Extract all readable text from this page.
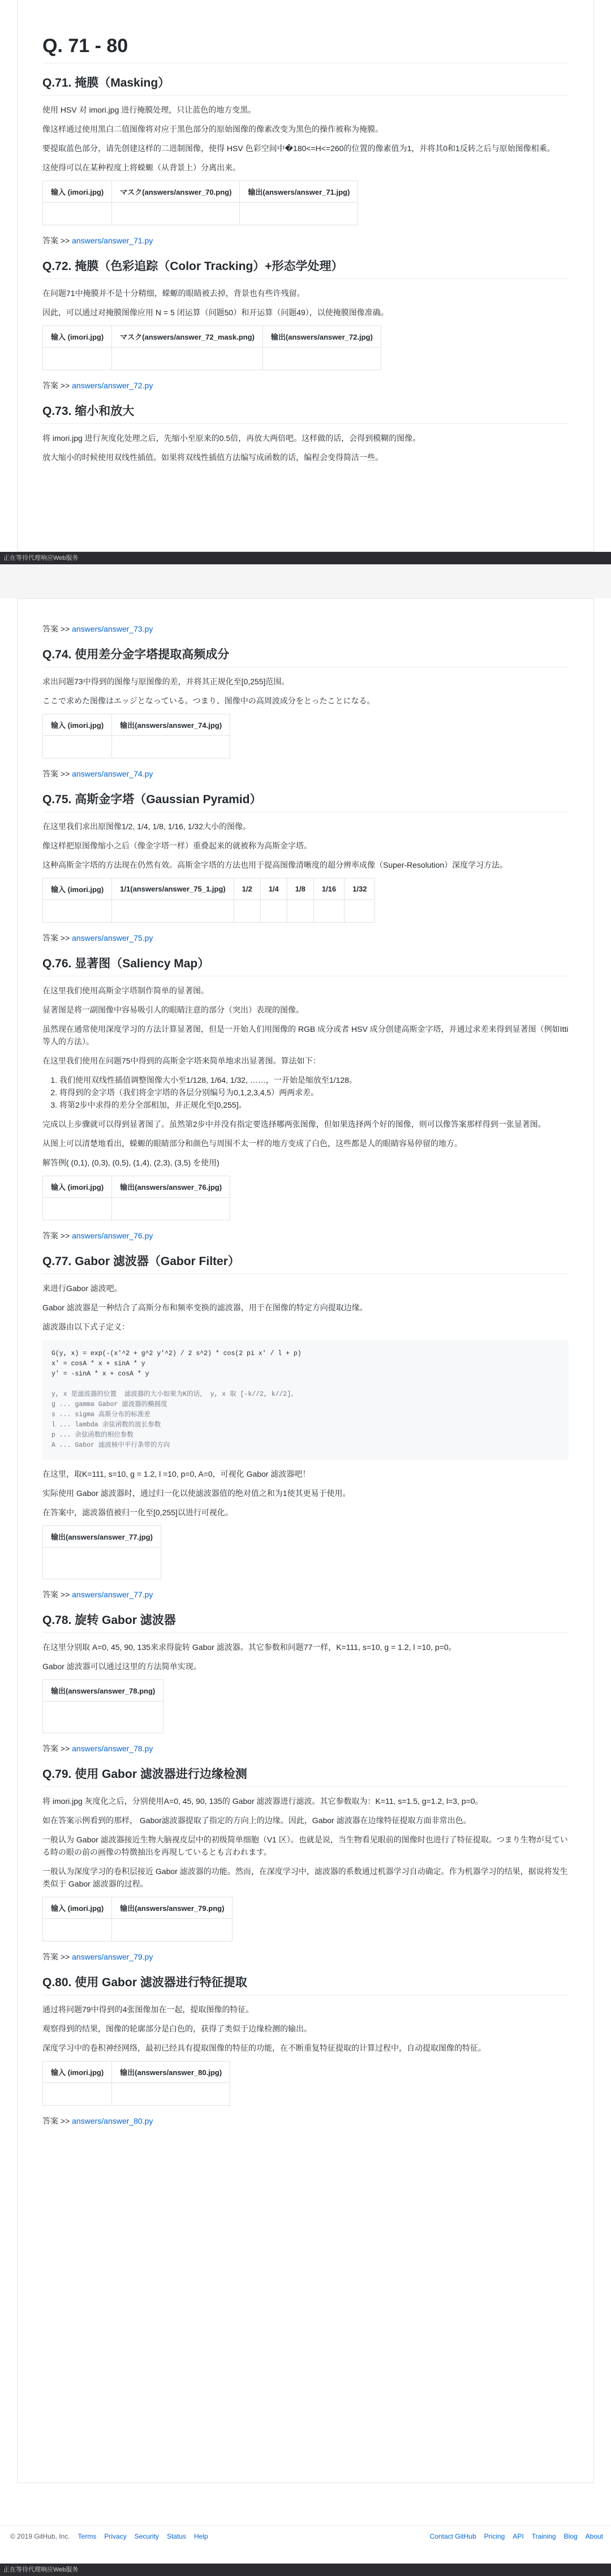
Q. 71 - 80
Q.71. 掩膜（Masking）

使用 HSV 对 imori.jpg 进行掩膜处理，只让蓝色的地方变黑。

像这样通过使用黑白二值图像将对应于黑色部分的原始图像的像素改变为黑色的操作被称为掩膜。

要提取蓝色部分，请先创建这样的二进制图像，使得 HSV 色彩空间中�180<=H<=260的位置的像素值为1，并将其0和1反转之后与原始图像相乘。

这使得可以在某种程度上将蝾螈（从背景上）分离出来。

输入 (imori.jpg)	マスク(answers/answer_70.png)	输出(answers/answer_71.jpg)

答案 >> answers/answer_71.py
Q.72. 掩膜（色彩追踪（Color Tracking）+形态学处理）

在问题71中掩膜并不是十分精细，蝾螈的眼睛被去掉，背景也有些许残留。

因此，可以通过对掩膜图像应用 N = 5 闭运算（问题50）和开运算（问题49），以使掩膜图像准确。

输入 (imori.jpg)	マスク(answers/answer_72_mask.png)	输出(answers/answer_72.jpg)

答案 >> answers/answer_72.py
Q.73. 缩小和放大

将 imori.jpg 进行灰度化处理之后，先缩小至原来的0.5倍，再放大两倍吧。这样做的话，会得到模糊的图像。

放大缩小的时候使用双线性插值。如果将双线性插值方法编写成函数的话，编程会变得简洁一些。

正在等待代理响应Web服务
答案 >> answers/answer_73.py
Q.74. 使用差分金字塔提取高频成分

求出问题73中得到的图像与原图像的差，并将其正规化至[0,255]范围。

ここで求めた图像はエッジとなっている。つまり、图像中の高周波成分をとったことになる。

输入 (imori.jpg)	输出(answers/answer_74.jpg)

答案 >> answers/answer_74.py
Q.75. 高斯金字塔（Gaussian Pyramid）

在这里我们求出原图像1/2, 1/4, 1/8, 1/16, 1/32大小的图像。

像这样把原图像缩小之后（像金字塔一样）重叠起来的就被称为高斯金字塔。

这种高斯金字塔的方法现在仍然有效。高斯金字塔的方法也用于提高图像清晰度的超分辨率成像（Super-Resolution）深度学习方法。

输入 (imori.jpg)	1/1(answers/answer_75_1.jpg)	1/2	1/4	1/8	1/16	1/32

答案 >> answers/answer_75.py
Q.76. 显著图（Saliency Map）

在这里我们使用高斯金字塔制作简单的显著图。

显著图是将一副图像中容易吸引人的眼睛注意的部分（突出）表现的图像。

虽然现在通常使用深度学习的方法计算显著图，但是一开始人们用图像的 RGB 成分或者 HSV 成分创建高斯金字塔，并通过求差来得到显著图（例如Itti等人的方法）。

在这里我们使用在问题75中得到的高斯金字塔来简单地求出显著图。算法如下：

1. 我们使用双线性插值调整图像大小至1/128, 1/64, 1/32, ……，一开始是缩放至1/128。
2. 将得到的金字塔（我们将金字塔的各层分别编号为0,1,2,3,4,5）两两求差。
3. 将第2步中求得的差分全部相加，并正规化至[0,255]。

完成以上步骤就可以得到显著图了。虽然第2步中并没有指定要选择哪两张图像，但如果选择两个好的图像，则可以像答案那样得到一张显著图。

从图上可以清楚地看出，蝾螈的眼睛部分和颜色与周围不太一样的地方变成了白色，这些都是人的眼睛容易停留的地方。

解答例( (0,1), (0,3), (0,5), (1,4), (2,3), (3,5) を使用)

输入 (imori.jpg)	输出(answers/answer_76.jpg)

答案 >> answers/answer_76.py
Q.77. Gabor 滤波器（Gabor Filter）

来进行Gabor 滤波吧。

Gabor 滤波器是一种结合了高斯分布和频率变换的滤波器，用于在图像的特定方向提取边缘。

滤波器由以下式子定义：

G(y, x) = exp(-(x'^2 + g^2 y'^2) / 2 s^2) * cos(2 pi x' / l + p)
x' = cosA * x + sinA * y
y' = -sinA * x + cosA * y

y, x 是滤波器的位置  滤波器的大小如果为K的话， y, x 取 [-k//2, k//2]。
g ... gamma Gabor 滤波器的椭圆度
s ... sigma 高斯分布的标准差
l ... lambda 余弦函数的波长参数
p ... 余弦函数的相位参数
A ... Gabor 滤波核中平行条带的方向

在这里，取K=111, s=10, g = 1.2, l =10, p=0, A=0，可视化 Gabor 滤波器吧！

实际使用 Gabor 滤波器时，通过归一化以使滤波器值的绝对值之和为1使其更易于使用。

在答案中，滤波器值被归一化至[0,255]以进行可视化。

输出(answers/answer_77.jpg)

答案 >> answers/answer_77.py
Q.78. 旋转 Gabor 滤波器

在这里分别取 A=0, 45, 90, 135来求得旋转 Gabor 滤波器。其它参数和问题77一样，K=111, s=10, g = 1.2, l =10, p=0。

Gabor 滤波器可以通过这里的方法简单实现。

输出(answers/answer_78.png)

答案 >> answers/answer_78.py
Q.79. 使用 Gabor 滤波器进行边缘检测

将 imori.jpg 灰度化之后，分别使用A=0, 45, 90, 135的 Gabor 滤波器进行滤波。其它参数取为：K=11, s=1.5, g=1.2, l=3, p=0。

如在答案示例看到的那样， Gabor滤波器提取了指定的方向上的边缘。因此，Gabor 滤波器在边缘特征提取方面非常出色。

一般认为 Gabor 滤波器接近生物大脑视皮层中的初级简单细胞（V1 区）。也就是说，当生物看见眼前的图像时也进行了特征提取。つまり生物が見ている時の眼の前の画像の特徴抽出を再現しているとも言われます。

一般认为深度学习的卷积层接近 Gabor 滤波器的功能。然而，在深度学习中，滤波器的系数通过机器学习自动确定。作为机器学习的结果，据说将发生类似于 Gabor 滤波器的过程。

输入 (imori.jpg)	输出(answers/answer_79.png)

答案 >> answers/answer_79.py
Q.80. 使用 Gabor 滤波器进行特征提取

通过将问题79中得到的4张图像加在一起，提取图像的特征。

观察得到的结果，图像的轮廓部分是白色的，获得了类似于边缘检测的输出。

深度学习中的卷积神经网络，最初已经具有提取图像的特征的功能，在不断重复特征提取的计算过程中，自动提取图像的特征。

输入 (imori.jpg)	输出(answers/answer_80.jpg)

答案 >> answers/answer_80.py
© 2019 GitHub, Inc. Terms Privacy Security Status Help	Contact GitHub Pricing API Training Blog About
正在等待代理响应Web服务
